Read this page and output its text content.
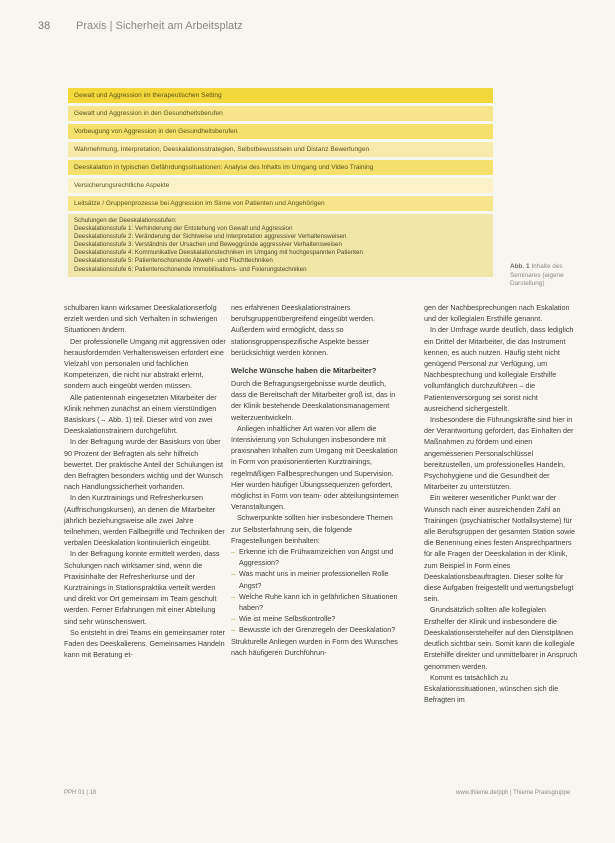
38 Praxis | Sicherheit am Arbeitsplatz
Gewalt und Aggression im therapeutischen Setting
Gewalt und Aggression in den Gesundheitsberufen
Vorbeugung von Aggression in den Gesundheitsberufen
Wahrnehmung, Interpretation, Deeskalationsstrategien, Selbstbewusstsein und Distanz Bewertungen
Deeskalation in typischen Gefährdungssituationen: Analyse des Inhalts im Umgang und Video Training
Versicherungsrechtliche Aspekte
Leitsätze / Gruppenprozesse bei Aggression im Sinne von Patienten und Angehörigen
Schulungen der Deeskalationsstufen:
Deeskalationsstufe 1: Verhinderung der Entstehung von Gewalt und Aggression
Deeskalationsstufe 2: Veränderung der Sichtweise und Interpretation aggressiver Verhaltensweisen
Deeskalationsstufe 3: Verständnis der Ursachen und Beweggründe aggressiver Verhaltensweisen
Deeskalationsstufe 4: Kommunikative Deeskalationstechniken im Umgang mit hochgespannten Patienten
Deeskalationsstufe 5: Patientenschonende Abwehr- und Fluchttechniken
Deeskalationsstufe 6: Patientenschonende Immobilisations- und Fixierungstechniken	Abb. 1 Inhalte des Seminares (eigene Darstellung)

schulbaren kann wirksamer Deeskalationserfolg erzielt werden und sich Verhalten in schwierigen Situationen ändern.

Der professionelle Umgang mit aggressiven oder herausfordernden Verhaltensweisen erfordert eine Vielzahl von personalen und fachlichen Kompetenzen, die nicht nur abstrakt erlernt, sondern auch eingeübt werden müssen.

Alle patientennah eingesetzten Mitarbeiter der Klinik nehmen zunächst an einem vierstündigen Basiskurs (→ Abb. 1) teil. Dieser wird von zwei Deeskalationstrainern durchgeführt.

In der Befragung wurde der Basiskurs von über 90 Prozent der Befragten als sehr hilfreich bewertet. Der praktische Anteil der Schulungen ist den Befragten besonders wichtig und der Wunsch nach Handlungssicherheit vorhanden.

In den Kurztrainings und Refresherkursen (Auffrischungskursen), an denen die Mitarbeiter jährlich beziehungsweise alle zwei Jahre teilnehmen, werden Fallbegriffe und Techniken der verbalen Deeskalation kontinuierlich eingeübt.

In der Befragung konnte ermittelt werden, dass Schulungen nach wirksamer sind, wenn die Praxisinhalte der Refresherkurse und der Kurztrainings in Stationspraktika verteilt werden und direkt vor Ort gemeinsam im Team geschult werden. Ferner Erfahrungen mit einer Abteilung sind sehr wünschenswert.

So entsteht in drei Teams ein gemeinsamer roter Faden des Deeskalierens. Gemeinsames Handeln kann mit Beratung et-

nes erfahrenen Deeskalationstrainers berufsgruppenübergreifend eingeübt werden. Außerdem wird ermöglicht, dass so stationsgruppenspezifische Aspekte besser berücksichtigt werden können.

Welche Wünsche haben die Mitarbeiter?

Durch die Befragungsergebnisse wurde deutlich, dass die Bereitschaft der Mitarbeiter groß ist, das in der Klinik bestehende Deeskalationsmanagement weiterzuentwickeln.

Anliegen inhaltlicher Art waren vor allem die Intensivierung von Schulungen insbesondere mit praxisnahen Inhalten zum Umgang mit Deeskalation in Form von praxisorientierten Kurztrainings, regelmäßigen Fallbesprechungen und Supervision. Hier wurden häufiger Übungssequenzen gefordert, möglichst in Form von team- oder abteilungsinternen Veranstaltungen.

Schwerpunkte sollten hier insbesondere Themen zur Selbsterfahrung sein, die folgende Fragestellungen beinhalten:

– Erkenne ich die Frühwarnzeichen von Angst und Aggression?
– Was macht uns in meiner professionellen Rolle Angst?
– Welche Ruhe kann ich in gefährlichen Situationen haben?
– Wie ist meine Selbstkontrolle?
– Bewusste ich der Grenzregeln der Deeskalation?

Strukturelle Anliegen wurden in Form des Wunsches nach häufigeren Durchführun-

gen der Nachbesprechungen nach Eskalation und der kollegialen Ersthilfe genannt.

In der Umfrage wurde deutlich, dass lediglich ein Drittel der Mitarbeiter, die das Instrument kennen, es auch nutzen. Häufig steht nicht genügend Personal zur Verfügung, um Nachbesprechung und kollegiale Ersthilfe vollumfänglich durchzuführen – die Patientenversorgung sei sonst nicht ausreichend sichergestellt.

Insbesondere die Führungskräfte sind hier in der Verantwortung gefordert, das Einhalten der Maßnahmen zu fördern und einen angemessenen Personalschlüssel bereitzustellen, um professionelles Handeln, Psychohygiene und die Gesundheit der Mitarbeiter zu unterstützen.

Ein weiterer wesentlicher Punkt war der Wunsch nach einer ausreichenden Zahl an Trainingen (psychiatrischer Notfallsysteme) für alle Berufsgruppen der gesamten Station sowie die Benennung eines festen Ansprechpartners für alle Fragen der Deeskalation in der Klinik, zum Beispiel in Form eines Deeskalationsbeauftragten. Dieser sollte für diese Aufgaben freigestellt und wertungsbefugt sein.

Grundsätzlich sollten alle kollegialen Ersthelfer der Klinik und insbesondere die Deeskalationserstehelfer auf den Dienstplänen deutlich sichtbar sein. Somit kann die kollegiale Erstehilfe direkter und unmittelbarer in Anspruch genommen werden.

Kommt es tatsächlich zu Eskalationssituationen, wünschen sich die Befragten im

PPH 01 | 18	www.thieme.de/pph | Thieme Praxisgruppe
